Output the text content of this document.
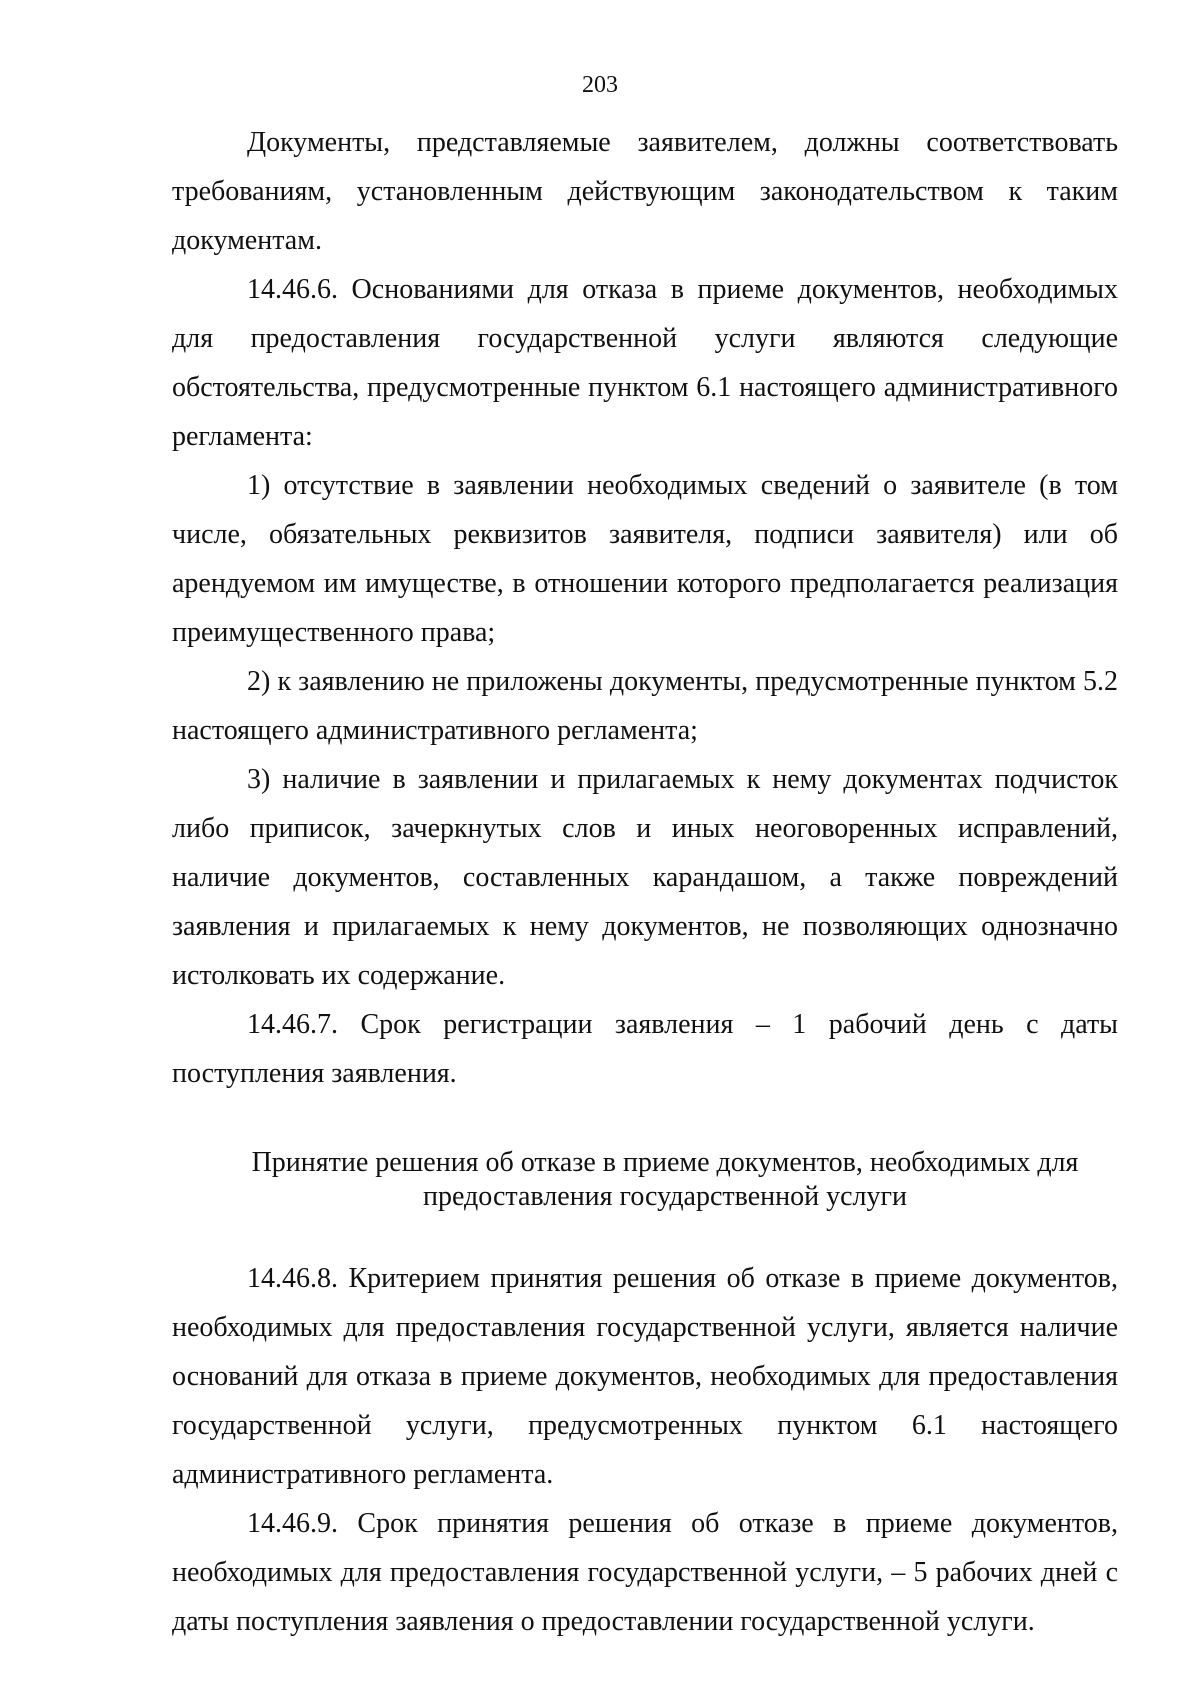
203

Документы, представляемые заявителем, должны соответствовать требованиям, установленным действующим законодательством к таким документам.

14.46.6. Основаниями для отказа в приеме документов, необходимых для предоставления государственной услуги являются следующие обстоятельства, предусмотренные пунктом 6.1 настоящего административного регламента:

1) отсутствие в заявлении необходимых сведений о заявителе (в том числе, обязательных реквизитов заявителя, подписи заявителя) или об арендуемом им имуществе, в отношении которого предполагается реализация преимущественного права;

2) к заявлению не приложены документы, предусмотренные пунктом 5.2 настоящего административного регламента;

3) наличие в заявлении и прилагаемых к нему документах подчисток либо приписок, зачеркнутых слов и иных неоговоренных исправлений, наличие документов, составленных карандашом, а также повреждений заявления и прилагаемых к нему документов, не позволяющих однозначно истолковать их содержание.

14.46.7. Срок регистрации заявления – 1 рабочий день с даты поступления заявления.

Принятие решения об отказе в приеме документов, необходимых для
предоставления государственной услуги

14.46.8. Критерием принятия решения об отказе в приеме документов, необходимых для предоставления государственной услуги, является наличие оснований для отказа в приеме документов, необходимых для предоставления государственной услуги, предусмотренных пунктом 6.1 настоящего административного регламента.

14.46.9. Срок принятия решения об отказе в приеме документов, необходимых для предоставления государственной услуги, – 5 рабочих дней с даты поступления заявления о предоставлении государственной услуги.
